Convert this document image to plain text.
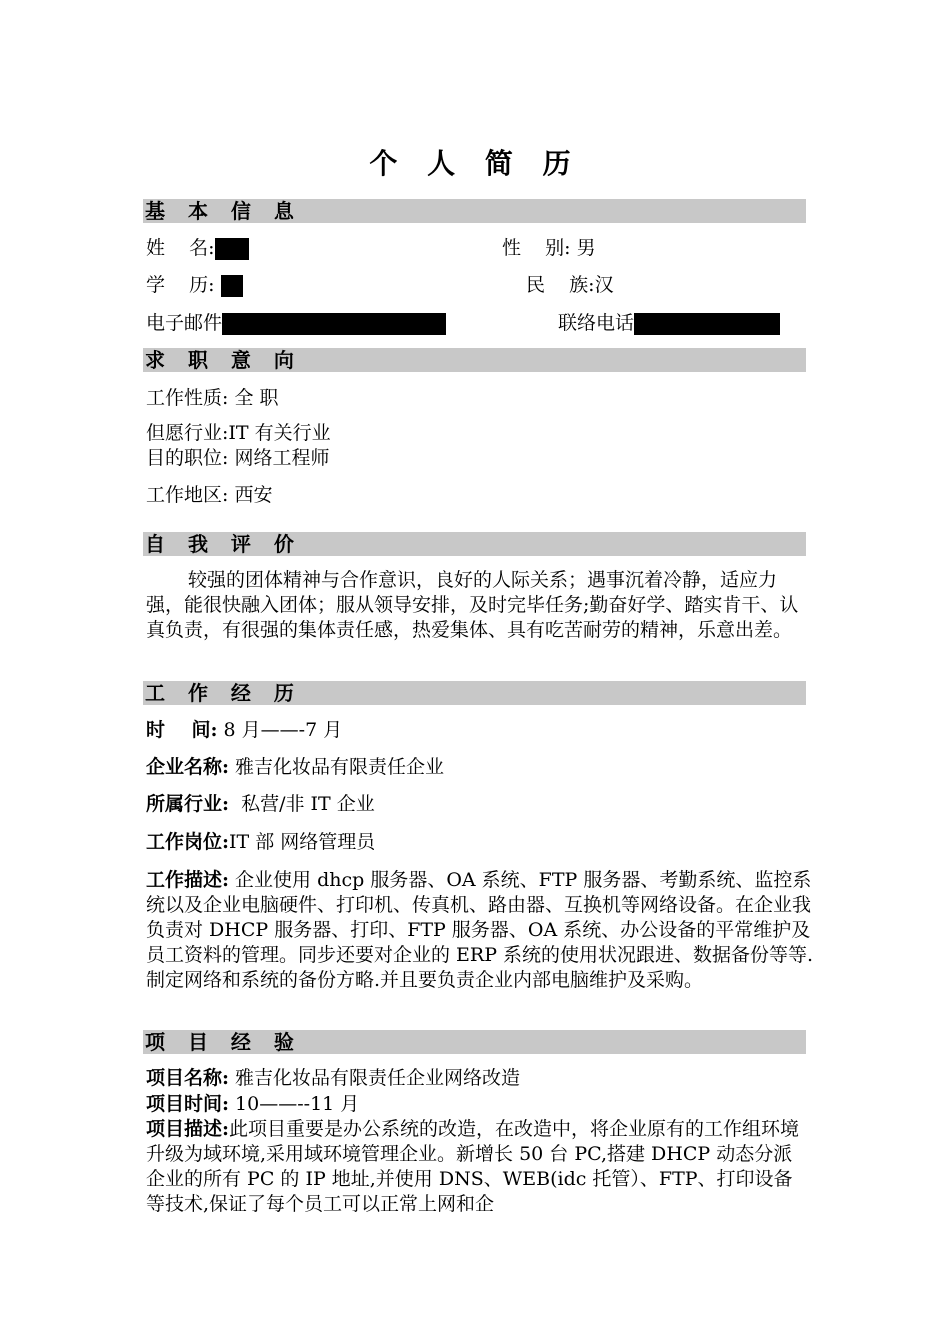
个 人 简 历
基 本 信 息
姓    名:	性    别: 男
学    历:	民    族:汉
电子邮件	联络电话
求 职 意 向
工作性质: 全 职
但愿行业:IT 有关行业
目的职位: 网络工程师
工作地区: 西安
自 我 评 价
较强的团体精神与合作意识，良好的人际关系；遇事沉着冷静，适应力强，能很快融入团体；服从领导安排，及时完毕任务;勤奋好学、踏实肯干、认真负责，有很强的集体责任感，热爱集体、具有吃苦耐劳的精神，乐意出差。
工 作 经 历
时    间: 8 月——-7 月
企业名称: 雅吉化妆品有限责任企业
所属行业:  私营/非 IT 企业
工作岗位:IT 部 网络管理员
工作描述: 企业使用 dhcp 服务器、OA 系统、FTP 服务器、考勤系统、监控系统以及企业电脑硬件、打印机、传真机、路由器、互换机等网络设备。在企业我负责对 DHCP 服务器、打印、FTP 服务器、OA 系统、办公设备的平常维护及员工资料的管理。同步还要对企业的 ERP 系统的使用状况跟进、数据备份等等.制定网络和系统的备份方略.并且要负责企业内部电脑维护及采购。
项 目 经 验
项目名称: 雅吉化妆品有限责任企业网络改造
项目时间: 10——--11 月
项目描述:此项目重要是办公系统的改造，在改造中，将企业原有的工作组环境升级为域环境,采用域环境管理企业。新增长 50 台 PC,搭建 DHCP 动态分派企业的所有 PC 的 IP 地址,并使用 DNS、WEB(idc 托管）、FTP、打印设备等技术,保证了每个员工可以正常上网和企
